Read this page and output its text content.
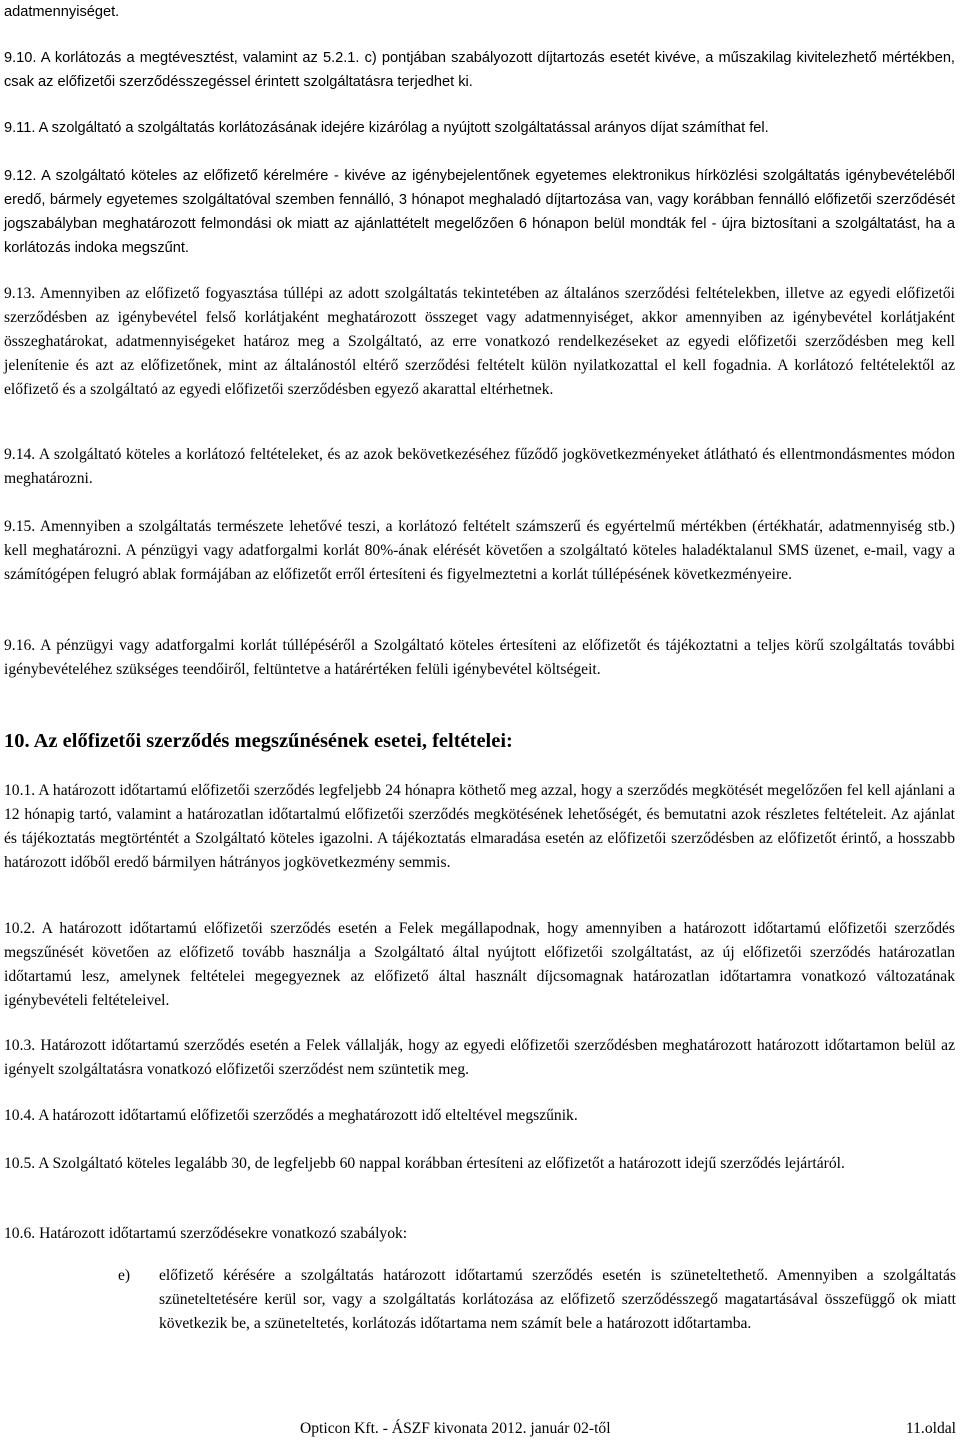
adatmennyiséget.
9.10. A korlátozás a megtévesztést, valamint az 5.2.1. c) pontjában szabályozott díjtartozás esetét kivéve, a műszakilag kivitelezhető mértékben, csak az előfizetői szerződésszegéssel érintett szolgáltatásra terjedhet ki.
9.11. A szolgáltató a szolgáltatás korlátozásának idejére kizárólag a nyújtott szolgáltatással arányos díjat számíthat fel.
9.12. A szolgáltató köteles az előfizető kérelmére - kivéve az igénybejelentőnek egyetemes elektronikus hírközlési szolgáltatás igénybevételéből eredő, bármely egyetemes szolgáltatóval szemben fennálló, 3 hónapot meghaladó díjtartozása van, vagy korábban fennálló előfizetői szerződését jogszabályban meghatározott felmondási ok miatt az ajánlattételt megelőzően 6 hónapon belül mondták fel - újra biztosítani a szolgáltatást, ha a korlátozás indoka megszűnt.
9.13. Amennyiben az előfizető fogyasztása túllépi az adott szolgáltatás tekintetében az általános szerződési feltételekben, illetve az egyedi előfizetői szerződésben az igénybevétel felső korlátjaként meghatározott összeget vagy adatmennyiséget, akkor amennyiben az igénybevétel korlátjaként összeghatárokat, adatmennyiségeket határoz meg a Szolgáltató, az erre vonatkozó rendelkezéseket az egyedi előfizetői szerződésben meg kell jelenítenie és azt az előfizetőnek, mint az általánostól eltérő szerződési feltételt külön nyilatkozattal el kell fogadnia. A korlátozó feltételektől az előfizető és a szolgáltató az egyedi előfizetői szerződésben egyező akarattal eltérhetnek.
9.14. A szolgáltató köteles a korlátozó feltételeket, és az azok bekövetkezéséhez fűződő jogkövetkezményeket átlátható és ellentmondásmentes módon meghatározni.
9.15. Amennyiben a szolgáltatás természete lehetővé teszi, a korlátozó feltételt számszerű és egyértelmű mértékben (értékhatár, adatmennyiség stb.) kell meghatározni. A pénzügyi vagy adatforgalmi korlát 80%-ának elérését követően a szolgáltató köteles haladéktalanul SMS üzenet, e-mail, vagy a számítógépen felugró ablak formájában az előfizetőt erről értesíteni és figyelmeztetni a korlát túllépésének következményeire.
9.16. A pénzügyi vagy adatforgalmi korlát túllépéséről a Szolgáltató köteles értesíteni az előfizetőt és tájékoztatni a teljes körű szolgáltatás további igénybevételéhez szükséges teendőiről, feltüntetve a határértéken felüli igénybevétel költségeit.
10. Az előfizetői szerződés megszűnésének esetei, feltételei:
10.1. A határozott időtartamú előfizetői szerződés legfeljebb 24 hónapra köthető meg azzal, hogy a szerződés megkötését megelőzően fel kell ajánlani a 12 hónapig tartó, valamint a határozatlan időtartalmú előfizetői szerződés megkötésének lehetőségét, és bemutatni azok részletes feltételeit. Az ajánlat és tájékoztatás megtörténtét a Szolgáltató köteles igazolni. A tájékoztatás elmaradása esetén az előfizetői szerződésben az előfizetőt érintő, a hosszabb határozott időből eredő bármilyen hátrányos jogkövetkezmény semmis.
10.2. A határozott időtartamú előfizetői szerződés esetén a Felek megállapodnak, hogy amennyiben a határozott időtartamú előfizetői szerződés megszűnését követően az előfizető tovább használja a Szolgáltató által nyújtott előfizetői szolgáltatást, az új előfizetői szerződés határozatlan időtartamú lesz, amelynek feltételei megegyeznek az előfizető által használt díjcsomagnak határozatlan időtartamra vonatkozó változatának igénybevételi feltételeivel.
10.3. Határozott időtartamú szerződés esetén a Felek vállalják, hogy az egyedi előfizetői szerződésben meghatározott határozott időtartamon belül az igényelt szolgáltatásra vonatkozó előfizetői szerződést nem szüntetik meg.
10.4. A határozott időtartamú előfizetői szerződés a meghatározott idő elteltével megszűnik.
10.5. A Szolgáltató köteles legalább 30, de legfeljebb 60 nappal korábban értesíteni az előfizetőt a határozott idejű szerződés lejártáról.
10.6. Határozott időtartamú szerződésekre vonatkozó szabályok:
e) előfizető kérésére a szolgáltatás határozott időtartamú szerződés esetén is szüneteltethető. Amennyiben a szolgáltatás szüneteltetésére kerül sor, vagy a szolgáltatás korlátozása az előfizető szerződésszegő magatartásával összefüggő ok miatt következik be, a szüneteltetés, korlátozás időtartama nem számít bele a határozott időtartamba.
Opticon Kft. - ÁSZF kivonata 2012. január 02-től	11.oldal
